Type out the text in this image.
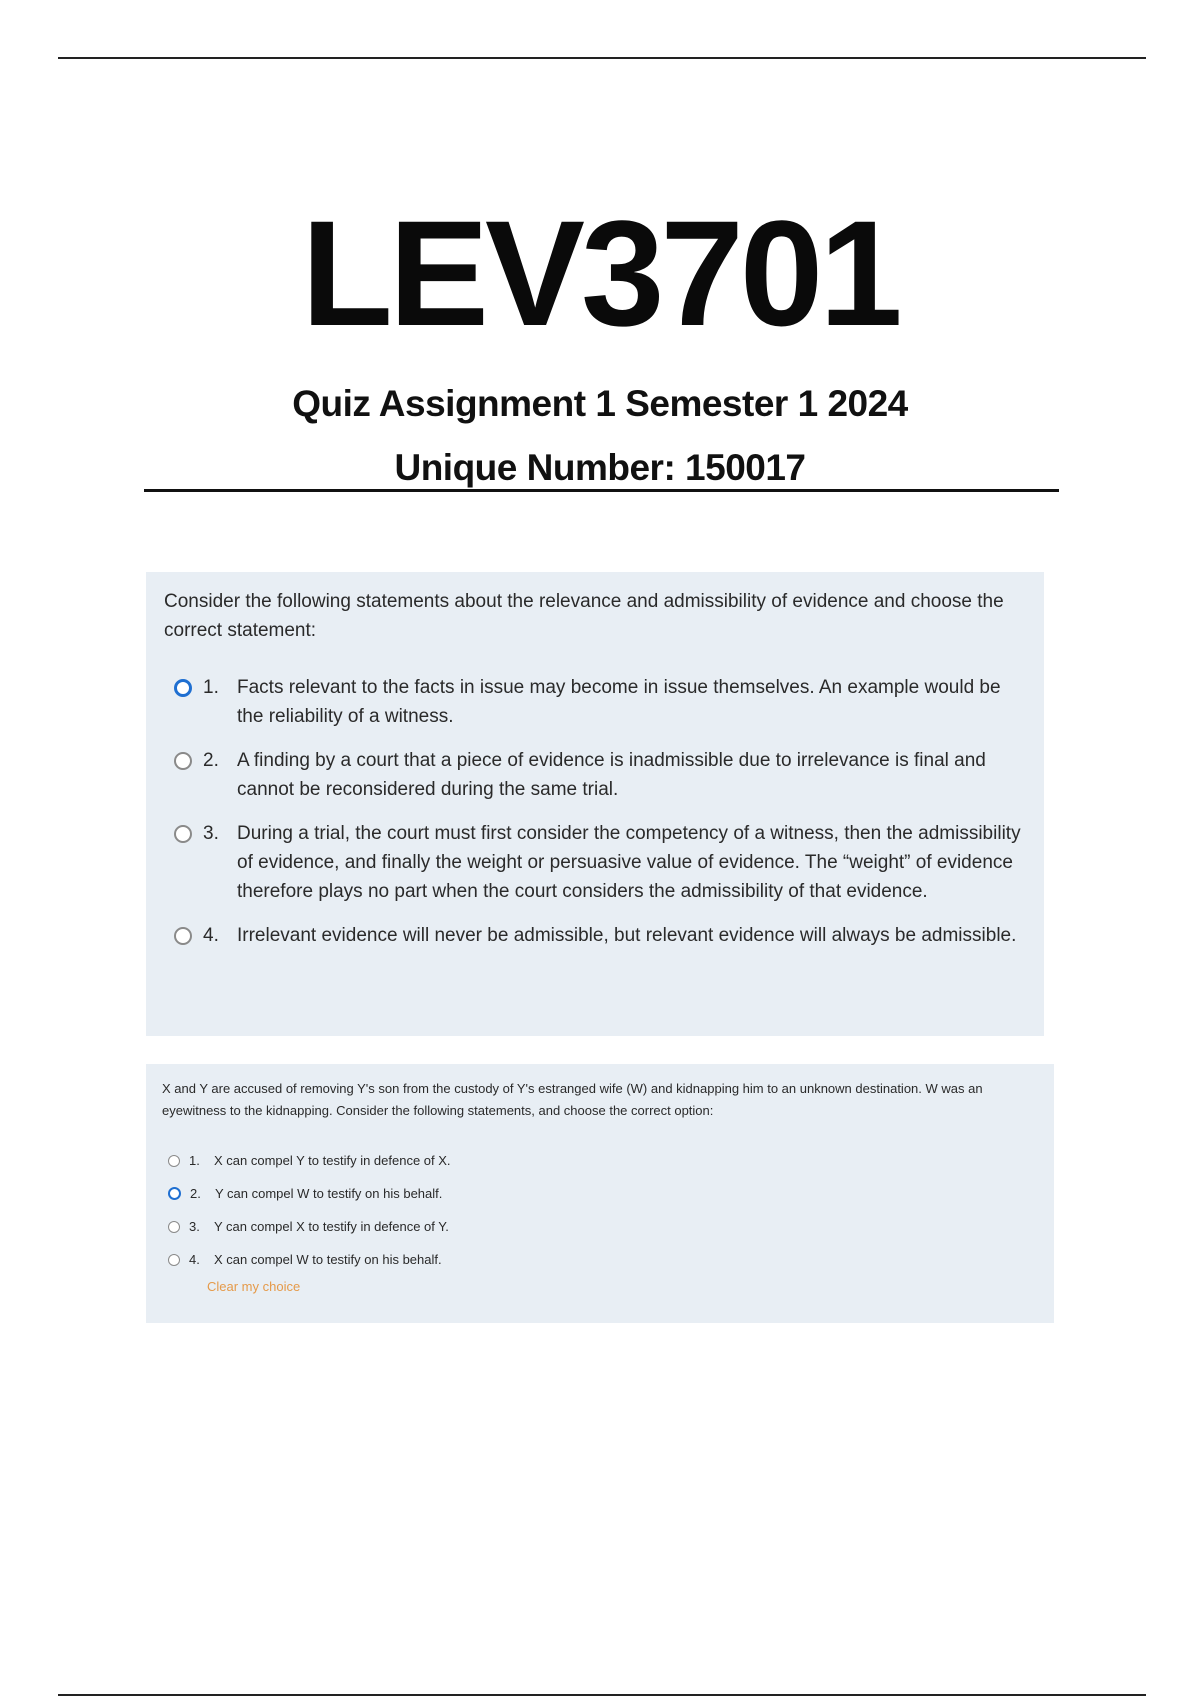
LEV3701
Quiz Assignment 1 Semester 1 2024
Unique Number: 150017

Consider the following statements about the relevance and admissibility of evidence and choose the correct statement:

1. Facts relevant to the facts in issue may become in issue themselves. An example would be the reliability of a witness.
2. A finding by a court that a piece of evidence is inadmissible due to irrelevance is final and cannot be reconsidered during the same trial.
3. During a trial, the court must first consider the competency of a witness, then the admissibility of evidence, and finally the weight or persuasive value of evidence. The “weight” of evidence therefore plays no part when the court considers the admissibility of that evidence.
4. Irrelevant evidence will never be admissible, but relevant evidence will always be admissible.

X and Y are accused of removing Y's son from the custody of Y's estranged wife (W) and kidnapping him to an unknown destination. W was an eyewitness to the kidnapping. Consider the following statements, and choose the correct option:

1.	X can compel Y to testify in defence of X.
2.	Y can compel W to testify on his behalf.
3.	Y can compel X to testify in defence of Y.
4.	X can compel W to testify on his behalf.
Clear my choice
